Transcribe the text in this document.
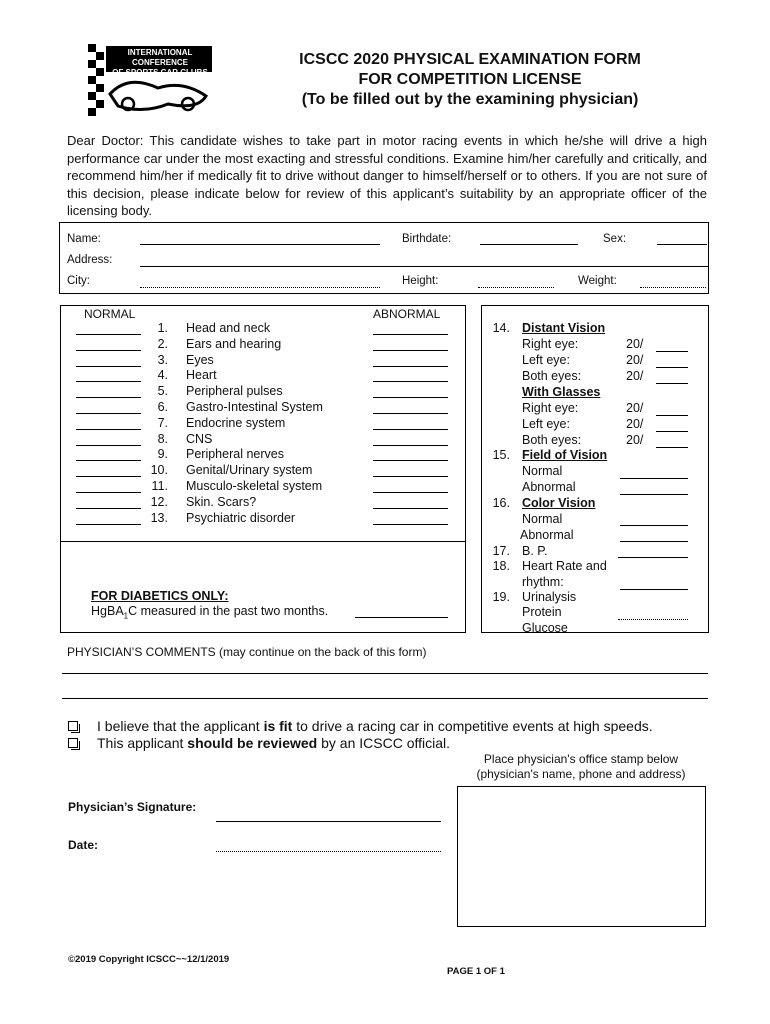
INTERNATIONAL CONFERENCE
OF SPORTS CAR CLUBS
ICSCC 2020 PHYSICAL EXAMINATION FORM
FOR COMPETITION LICENSE
(To be filled out by the examining physician)
Dear Doctor: This candidate wishes to take part in motor racing events in which he/she will drive a high performance car under the most exacting and stressful conditions. Examine him/her carefully and critically, and recommend him/her if medically fit to drive without danger to himself/herself or to others. If you are not sure of this decision, please indicate below for review of this applicant’s suitability by an appropriate officer of the licensing body.
Name:	Birthdate:	Sex:
Address:
City:	Height:	Weight:
NORMAL	ABNORMAL
1. Head and neck
2. Ears and hearing
3. Eyes
4. Heart
5. Peripheral pulses
6. Gastro-Intestinal System
7. Endocrine system
8. CNS
9. Peripheral nerves
10. Genital/Urinary system
11. Musculo-skeletal system
12. Skin. Scars?
13. Psychiatric disorder
FOR DIABETICS ONLY:
HgBA$_1$C measured in the past two months.
14. Distant Vision
Right eye:	20/
Left eye:	20/
Both eyes:	20/
With Glasses
Right eye:	20/
Left eye:	20/
Both eyes:	20/
15. Field of Vision
Normal
Abnormal
16. Color Vision
Normal
Abnormal
17. B. P.
18. Heart Rate and
rhythm:
19. Urinalysis
Protein
Glucose
PHYSICIAN’S COMMENTS (may continue on the back of this form)
I believe that the applicant is fit to drive a racing car in competitive events at high speeds.
This applicant should be reviewed by an ICSCC official.
Place physician's office stamp below
(physician's name, phone and address)
Physician’s Signature:
Date:
©2019 Copyright ICSCC~~12/1/2019
PAGE 1 OF 1
